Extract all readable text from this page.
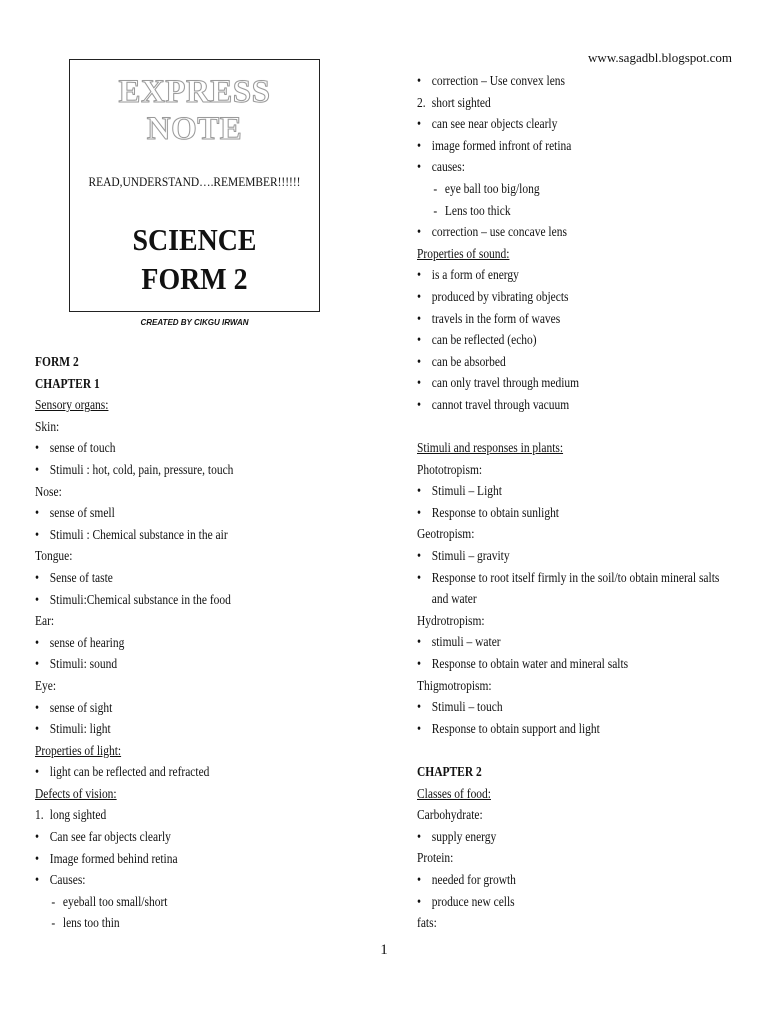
www.sagadbl.blogspot.com
EXPRESS NOTE
READ,UNDERSTAND….REMEMBER!!!!!!
SCIENCE
FORM 2
CREATED BY CIKGU IRWAN
FORM 2
CHAPTER 1
Sensory organs:
Skin:
• sense of touch
• Stimuli : hot, cold, pain, pressure, touch
Nose:
• sense of smell
• Stimuli : Chemical substance in the air
Tongue:
• Sense of taste
• Stimuli:Chemical substance in the food
Ear:
• sense of hearing
• Stimuli: sound
Eye:
• sense of sight
• Stimuli: light
Properties of light:
• light can be reflected and refracted
Defects of vision:
1. long sighted
• Can see far objects clearly
• Image formed behind retina
• Causes:
- eyeball too small/short
- lens too thin
• correction – Use convex lens
2. short sighted
• can see near objects clearly
• image formed infront of retina
• causes:
- eye ball too big/long
- Lens too thick
• correction – use concave lens
Properties of sound:
• is a form of energy
• produced by vibrating objects
• travels in the form of waves
• can be reflected (echo)
• can be absorbed
• can only travel through medium
• cannot travel through vacuum
Stimuli and responses in plants:
Phototropism:
• Stimuli – Light
• Response to obtain sunlight
Geotropism:
• Stimuli – gravity
• Response to root itself firmly in the soil/to obtain mineral salts
and water
Hydrotropism:
• stimuli – water
• Response to obtain water and mineral salts
Thigmotropism:
• Stimuli – touch
• Response to obtain support and light
CHAPTER 2
Classes of food:
Carbohydrate:
• supply energy
Protein:
• needed for growth
• produce new cells
fats:
1
